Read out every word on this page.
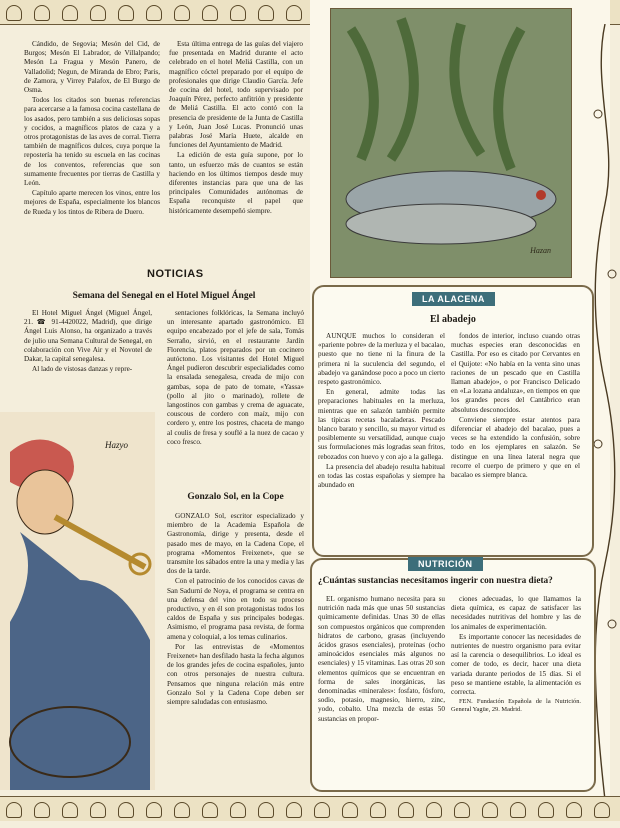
Cándido, de Segovia; Mesón del Cid, de Burgos; Mesón El Labrador, de Villalpando; Mesón La Fragua y Mesón Panero, de Valladolid; Negun, de Miranda de Ebro; Paris, de Zamora, y Virrey Palafox, de El Burgo de Osma.

Todos los citados son buenas referencias para acercarse a la famosa cocina castellana de los asados, pero también a sus deliciosas sopas y cocidos, a magníficos platos de caza y a otros protagonistas de las aves de corral. Tierra también de magníficos dulces, cuya porque la repostería ha tenido su escuela en las cocinas de los conventos, referencias que son sumamente frecuentes por tierras de Castilla y León.

Capítulo aparte merecen los vinos, entre los mejores de España, especialmente los blancos de Rueda y los tintos de Ribera de Duero.

Esta última entrega de las guías del viajero fue presentada en Madrid durante el acto celebrado en el hotel Meliá Castilla, con un magnífico cóctel preparado por el equipo de profesionales que dirige Claudio García. Jefe de cocina del hotel, todo supervisado por Joaquín Pérez, perfecto anfitrión y presidente de Meliá Castilla. El acto contó con la presencia de presidente de la Junta de Castilla y León, Juan José Lucas. Pronunció unas palabras José María Huete, alcalde en funciones del Ayuntamiento de Madrid.

La edición de esta guía supone, por lo tanto, un esfuerzo más de cuantos se están haciendo en los últimos tiempos desde muy diferentes instancias para que una de las principales Comunidades autónomas de España reconquiste el papel que históricamente desempeñó siempre.

NOTICIAS
Semana del Senegal en el Hotel Miguel Ángel

El Hotel Miguel Ángel (Miguel Ángel, 21. ☎ 91-4420022, Madrid), que dirige Ángel Luis Alonso, ha organizado a través de julio una Semana Cultural de Senegal, en colaboración con Vive Air y el Novotel de Dakar, la capital senegalesa.

Al lado de vistosas danzas y repre-

sentaciones folklóricas, la Semana incluyó un interesante apartado gastronómico. El equipo encabezado por el jefe de sala, Tomás Serraño, sirvió, en el restaurante Jardín Florencia, platos preparados por un cocinero autóctono. Los visitantes del Hotel Miguel Ángel pudieron descubrir especialidades como la ensalada senegalesa, creada de mijo con gambas, sopa de pato de tomate, «Yassa» (pollo al jito o marinado), rollete de langostinos con gambas y crema de aguacate, couscous de cordero con maíz, mijo con cordero y, entre los postres, chaceta de mango al coulis de fresa y souflé a la nuez de cacao y coco fresco.

Gonzalo Sol, en la Cope

GONZALO Sol, escritor especializado y miembro de la Academia Española de Gastronomía, dirige y presenta, desde el pasado mes de mayo, en la Cadena Cope, el programa «Momentos Freixenet», que se transmite los sábados entre la una y media y las dos de la tarde.

Con el patrocinio de los conocidos cavas de San Sadurní de Noya, el programa se centra en una defensa del vino en todo su proceso productivo, y en él son protagonistas todos los caldos de España y sus principales bodegas. Asimismo, el programa pasa revista, de forma amena y coloquial, a los temas culinarios.

Por las entrevistas de «Momentos Freixenet» han desfilado hasta la fecha algunos de los grandes jefes de cocina españoles, junto con otros personajes de nuestra cultura. Pensamos que ninguna relación más entre Gonzalo Sol y la Cadena Cope deben ser siempre saludadas con entusiasmo.

Hazyo
Hazan
LA ALACENA
El abadejo

AUNQUE muchos lo consideran el «pariente pobre» de la merluza y el bacalao, puesto que no tiene ni la finura de la primera ni la suculencia del segundo, el abadejo va ganándose poco a poco un cierto respeto gastronómico.

En general, admite todas las preparaciones habituales en la merluza, mientras que en salazón también permite las típicas recetas bacaladeras. Pescado blanco barato y sencillo, su mayor virtud es posiblemente su versatilidad, aunque cuajo sus formulaciones más logradas sean fritos, rebozados con huevo y con ajo a la gallega.

La presencia del abadejo resulta habitual en todas las costas españolas y siempre ha abundado en

fondos de interior, incluso cuando otras muchas especies eran desconocidas en Castilla. Por eso es citado por Cervantes en el Quijote: «No había en la venta sino unas raciones de un pescado que en Castilla llaman abadejo», o por Francisco Delicado en «La lozana andaluza», en tiempos en que los grandes peces del Cantábrico eran absolutos desconocidos.

Conviene siempre estar atentos para diferenciar el abadejo del bacalao, pues a veces se ha extendido la confusión, sobre todo en los ejemplares en salazón. Se distingue en una línea lateral negra que recorre el cuerpo de primero y que en el bacalao es siempre blanca.

NUTRICIÓN
¿Cuántas sustancias necesitamos ingerir con nuestra dieta?

EL organismo humano necesita para su nutrición nada más que unas 50 sustancias químicamente definidas. Unas 30 de ellas son compuestos orgánicos que comprenden hidratos de carbono, grasas (incluyendo ácidos grasos esenciales), proteínas (ocho aminoácidos esenciales más algunos no esenciales) y 15 vitaminas. Las otras 20 son elementos químicos que se encuentran en forma de sales inorgánicas, las denominadas «minerales»: fosfato, fósforo, sodio, potasio, magnesio, hierro, zinc, yodo, cobalto. Una mezcla de estas 50 sustancias en propor-

ciones adecuadas, lo que llamamos la dieta química, es capaz de satisfacer las necesidades nutritivas del hombre y las de los animales de experimentación.

Es importante conocer las necesidades de nutrientes de nuestro organismo para evitar así la carencia o desequilibrios. Lo ideal es comer de todo, es decir, hacer una dieta variada durante periodos de 15 días. Si el peso se mantiene estable, la alimentación es correcta.

FEN. Fundación Española de la Nutrición. General Yagüe, 29. Madrid.
